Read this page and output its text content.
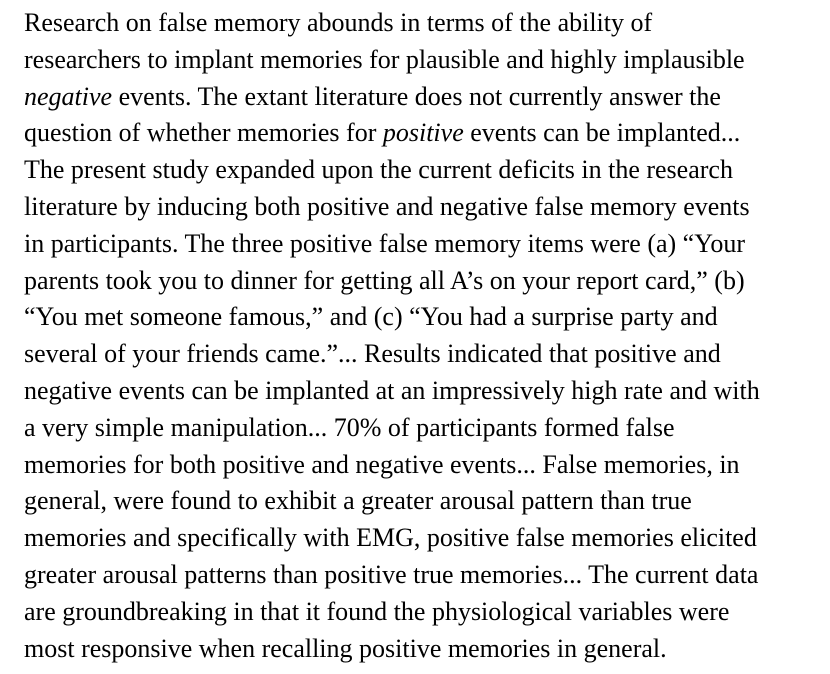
Research on false memory abounds in terms of the ability of
researchers to implant memories for plausible and highly implausible
negative events. The extant literature does not currently answer the
question of whether memories for positive events can be implanted...
The present study expanded upon the current deficits in the research
literature by inducing both positive and negative false memory events
in participants. The three positive false memory items were (a) “Your
parents took you to dinner for getting all A’s on your report card,” (b)
“You met someone famous,” and (c) “You had a surprise party and
several of your friends came.”... Results indicated that positive and
negative events can be implanted at an impressively high rate and with
a very simple manipulation... 70% of participants formed false
memories for both positive and negative events... False memories, in
general, were found to exhibit a greater arousal pattern than true
memories and specifically with EMG, positive false memories elicited
greater arousal patterns than positive true memories... The current data
are groundbreaking in that it found the physiological variables were
most responsive when recalling positive memories in general.
